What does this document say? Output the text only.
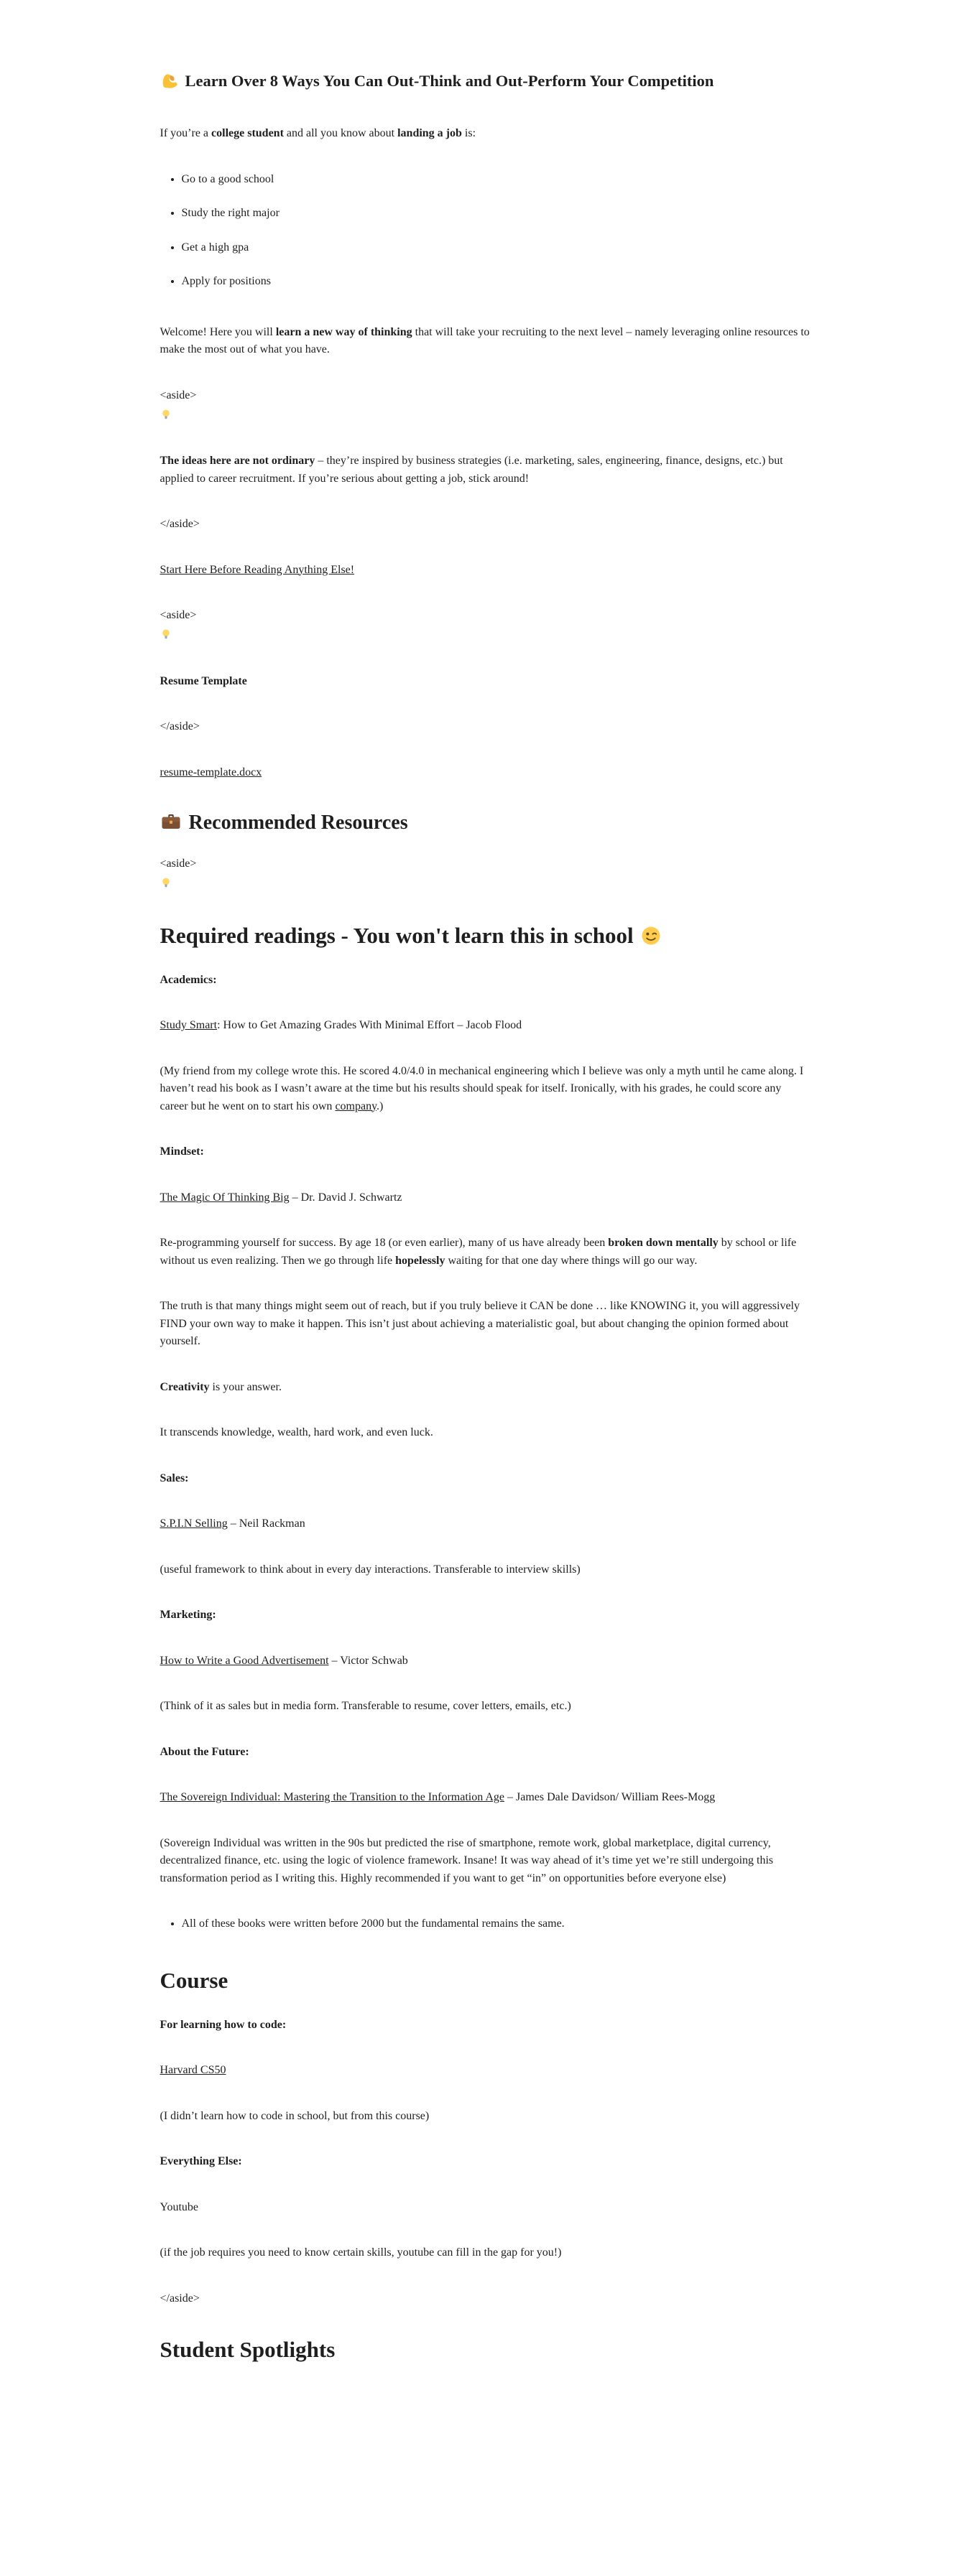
Learn Over 8 Ways You Can Out-Think and Out-Perform Your Competition

If you’re a college student and all you know about landing a job is:

• Go to a good school
• Study the right major
• Get a high gpa
• Apply for positions

Welcome! Here you will learn a new way of thinking that will take your recruiting to the next level – namely leveraging online resources to make the most out of what you have.

<aside>

The ideas here are not ordinary – they’re inspired by business strategies (i.e. marketing, sales, engineering, finance, designs, etc.) but applied to career recruitment. If you’re serious about getting a job, stick around!

</aside>

Start Here Before Reading Anything Else!

<aside>

Resume Template

</aside>

resume-template.docx

Recommended Resources
<aside>
Required readings - You won't learn this in school

Academics:

Study Smart: How to Get Amazing Grades With Minimal Effort – Jacob Flood

(My friend from my college wrote this. He scored 4.0/4.0 in mechanical engineering which I believe was only a myth until he came along. I haven’t read his book as I wasn’t aware at the time but his results should speak for itself. Ironically, with his grades, he could score any career but he went on to start his own company.)

Mindset:

The Magic Of Thinking Big – Dr. David J. Schwartz

Re-programming yourself for success. By age 18 (or even earlier), many of us have already been broken down mentally by school or life without us even realizing. Then we go through life hopelessly waiting for that one day where things will go our way.

The truth is that many things might seem out of reach, but if you truly believe it CAN be done … like KNOWING it, you will aggressively FIND your own way to make it happen. This isn’t just about achieving a materialistic goal, but about changing the opinion formed about yourself.

Creativity is your answer.

It transcends knowledge, wealth, hard work, and even luck.

Sales:

S.P.I.N Selling – Neil Rackman

(useful framework to think about in every day interactions. Transferable to interview skills)

Marketing:

How to Write a Good Advertisement – Victor Schwab

(Think of it as sales but in media form. Transferable to resume, cover letters, emails, etc.)

About the Future:

The Sovereign Individual: Mastering the Transition to the Information Age – James Dale Davidson/ William Rees-Mogg

(Sovereign Individual was written in the 90s but predicted the rise of smartphone, remote work, global marketplace, digital currency, decentralized finance, etc. using the logic of violence framework. Insane! It was way ahead of it’s time yet we’re still undergoing this transformation period as I writing this. Highly recommended if you want to get “in” on opportunities before everyone else)

• All of these books were written before 2000 but the fundamental remains the same.
Course

For learning how to code:

Harvard CS50

(I didn’t learn how to code in school, but from this course)

Everything Else:

Youtube

(if the job requires you need to know certain skills, youtube can fill in the gap for you!)

</aside>

Student Spotlights
